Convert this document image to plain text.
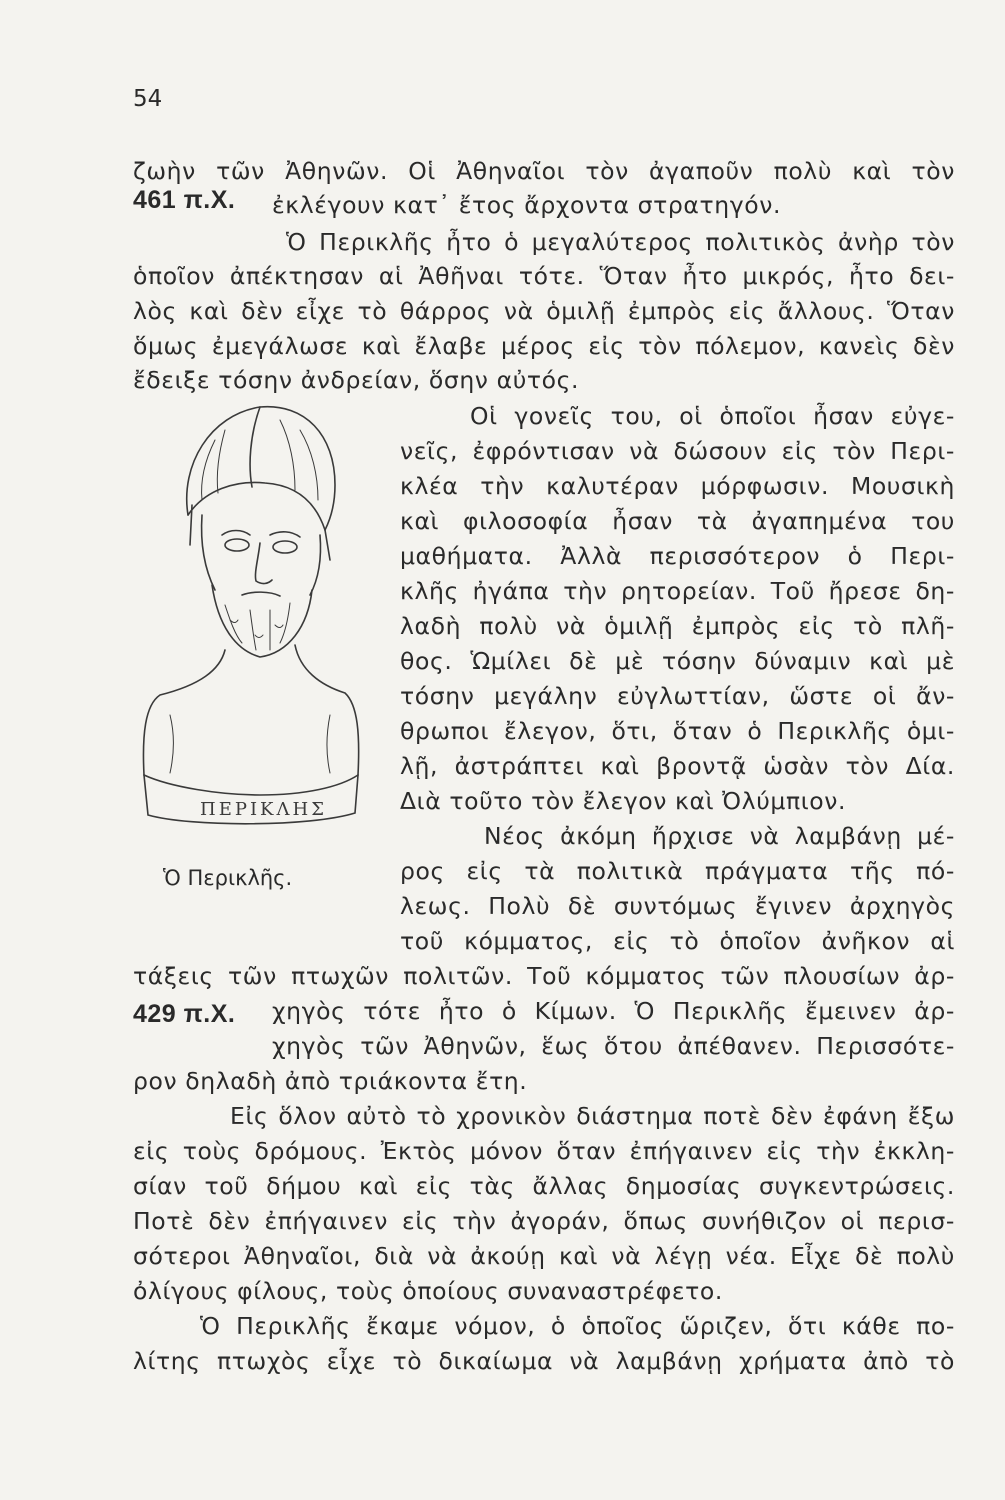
54
461 π.Χ.
429 π.Χ.
ΠΕΡΙΚΛΗΣ
Ὁ Περικλῆς.
ζωὴν τῶν Ἀθηνῶν. Οἱ Ἀθηναῖοι τὸν ἀγαποῦν πολὺ καὶ τὸν
ἐκλέγουν κατ᾽ ἔτος ἄρχοντα στρατηγόν.
Ὁ Περικλῆς ἦτο ὁ μεγαλύτερος πολιτικὸς ἀνὴρ τὸν
ὁποῖον ἀπέκτησαν αἱ Ἀθῆναι τότε. Ὅταν ἦτο μικρός, ἦτο δει-
λὸς καὶ δὲν εἶχε τὸ θάρρος νὰ ὁμιλῇ ἐμπρὸς εἰς ἄλλους. Ὅταν
ὅμως ἐμεγάλωσε καὶ ἔλαβε μέρος εἰς τὸν πόλεμον, κανεὶς δὲν
ἔδειξε τόσην ἀνδρείαν, ὅσην αὐτός.
Οἱ γονεῖς του, οἱ ὁποῖοι ἦσαν εὐγε-
νεῖς, ἐφρόντισαν νὰ δώσουν εἰς τὸν Περι-
κλέα τὴν καλυτέραν μόρφωσιν. Μουσικὴ
καὶ φιλοσοφία ἦσαν τὰ ἀγαπημένα του
μαθήματα. Ἀλλὰ περισσότερον ὁ Περι-
κλῆς ἠγάπα τὴν ρητορείαν. Τοῦ ἤρεσε δη-
λαδὴ πολὺ νὰ ὁμιλῇ ἐμπρὸς εἰς τὸ πλῆ-
θος. Ὡμίλει δὲ μὲ τόσην δύναμιν καὶ μὲ
τόσην μεγάλην εὐγλωττίαν, ὥστε οἱ ἄν-
θρωποι ἔλεγον, ὅτι, ὅταν ὁ Περικλῆς ὁμι-
λῇ, ἀστράπτει καὶ βροντᾷ ὡσὰν τὸν Δία.
Διὰ τοῦτο τὸν ἔλεγον καὶ Ὀλύμπιον.
Νέος ἀκόμη ἤρχισε νὰ λαμβάνῃ μέ-
ρος εἰς τὰ πολιτικὰ πράγματα τῆς πό-
λεως. Πολὺ δὲ συντόμως ἔγινεν ἀρχηγὸς
τοῦ κόμματος, εἰς τὸ ὁποῖον ἀνῆκον αἱ
τάξεις τῶν πτωχῶν πολιτῶν. Τοῦ κόμματος τῶν πλουσίων ἀρ-
χηγὸς τότε ἦτο ὁ Κίμων. Ὁ Περικλῆς ἔμεινεν ἀρ-
χηγὸς τῶν Ἀθηνῶν, ἕως ὅτου ἀπέθανεν. Περισσότε-
ρον δηλαδὴ ἀπὸ τριάκοντα ἔτη.
Εἰς ὅλον αὐτὸ τὸ χρονικὸν διάστημα ποτὲ δὲν ἐφάνη ἔξω
εἰς τοὺς δρόμους. Ἐκτὸς μόνον ὅταν ἐπήγαινεν εἰς τὴν ἐκκλη-
σίαν τοῦ δήμου καὶ εἰς τὰς ἄλλας δημοσίας συγκεντρώσεις.
Ποτὲ δὲν ἐπήγαινεν εἰς τὴν ἀγοράν, ὅπως συνήθιζον οἱ περισ-
σότεροι Ἀθηναῖοι, διὰ νὰ ἀκούῃ καὶ νὰ λέγῃ νέα. Εἶχε δὲ πολὺ
ὀλίγους φίλους, τοὺς ὁποίους συναναστρέφετο.
Ὁ Περικλῆς ἔκαμε νόμον, ὁ ὁποῖος ὥριζεν, ὅτι κάθε πο-
λίτης πτωχὸς εἶχε τὸ δικαίωμα νὰ λαμβάνῃ χρήματα ἀπὸ τὸ
